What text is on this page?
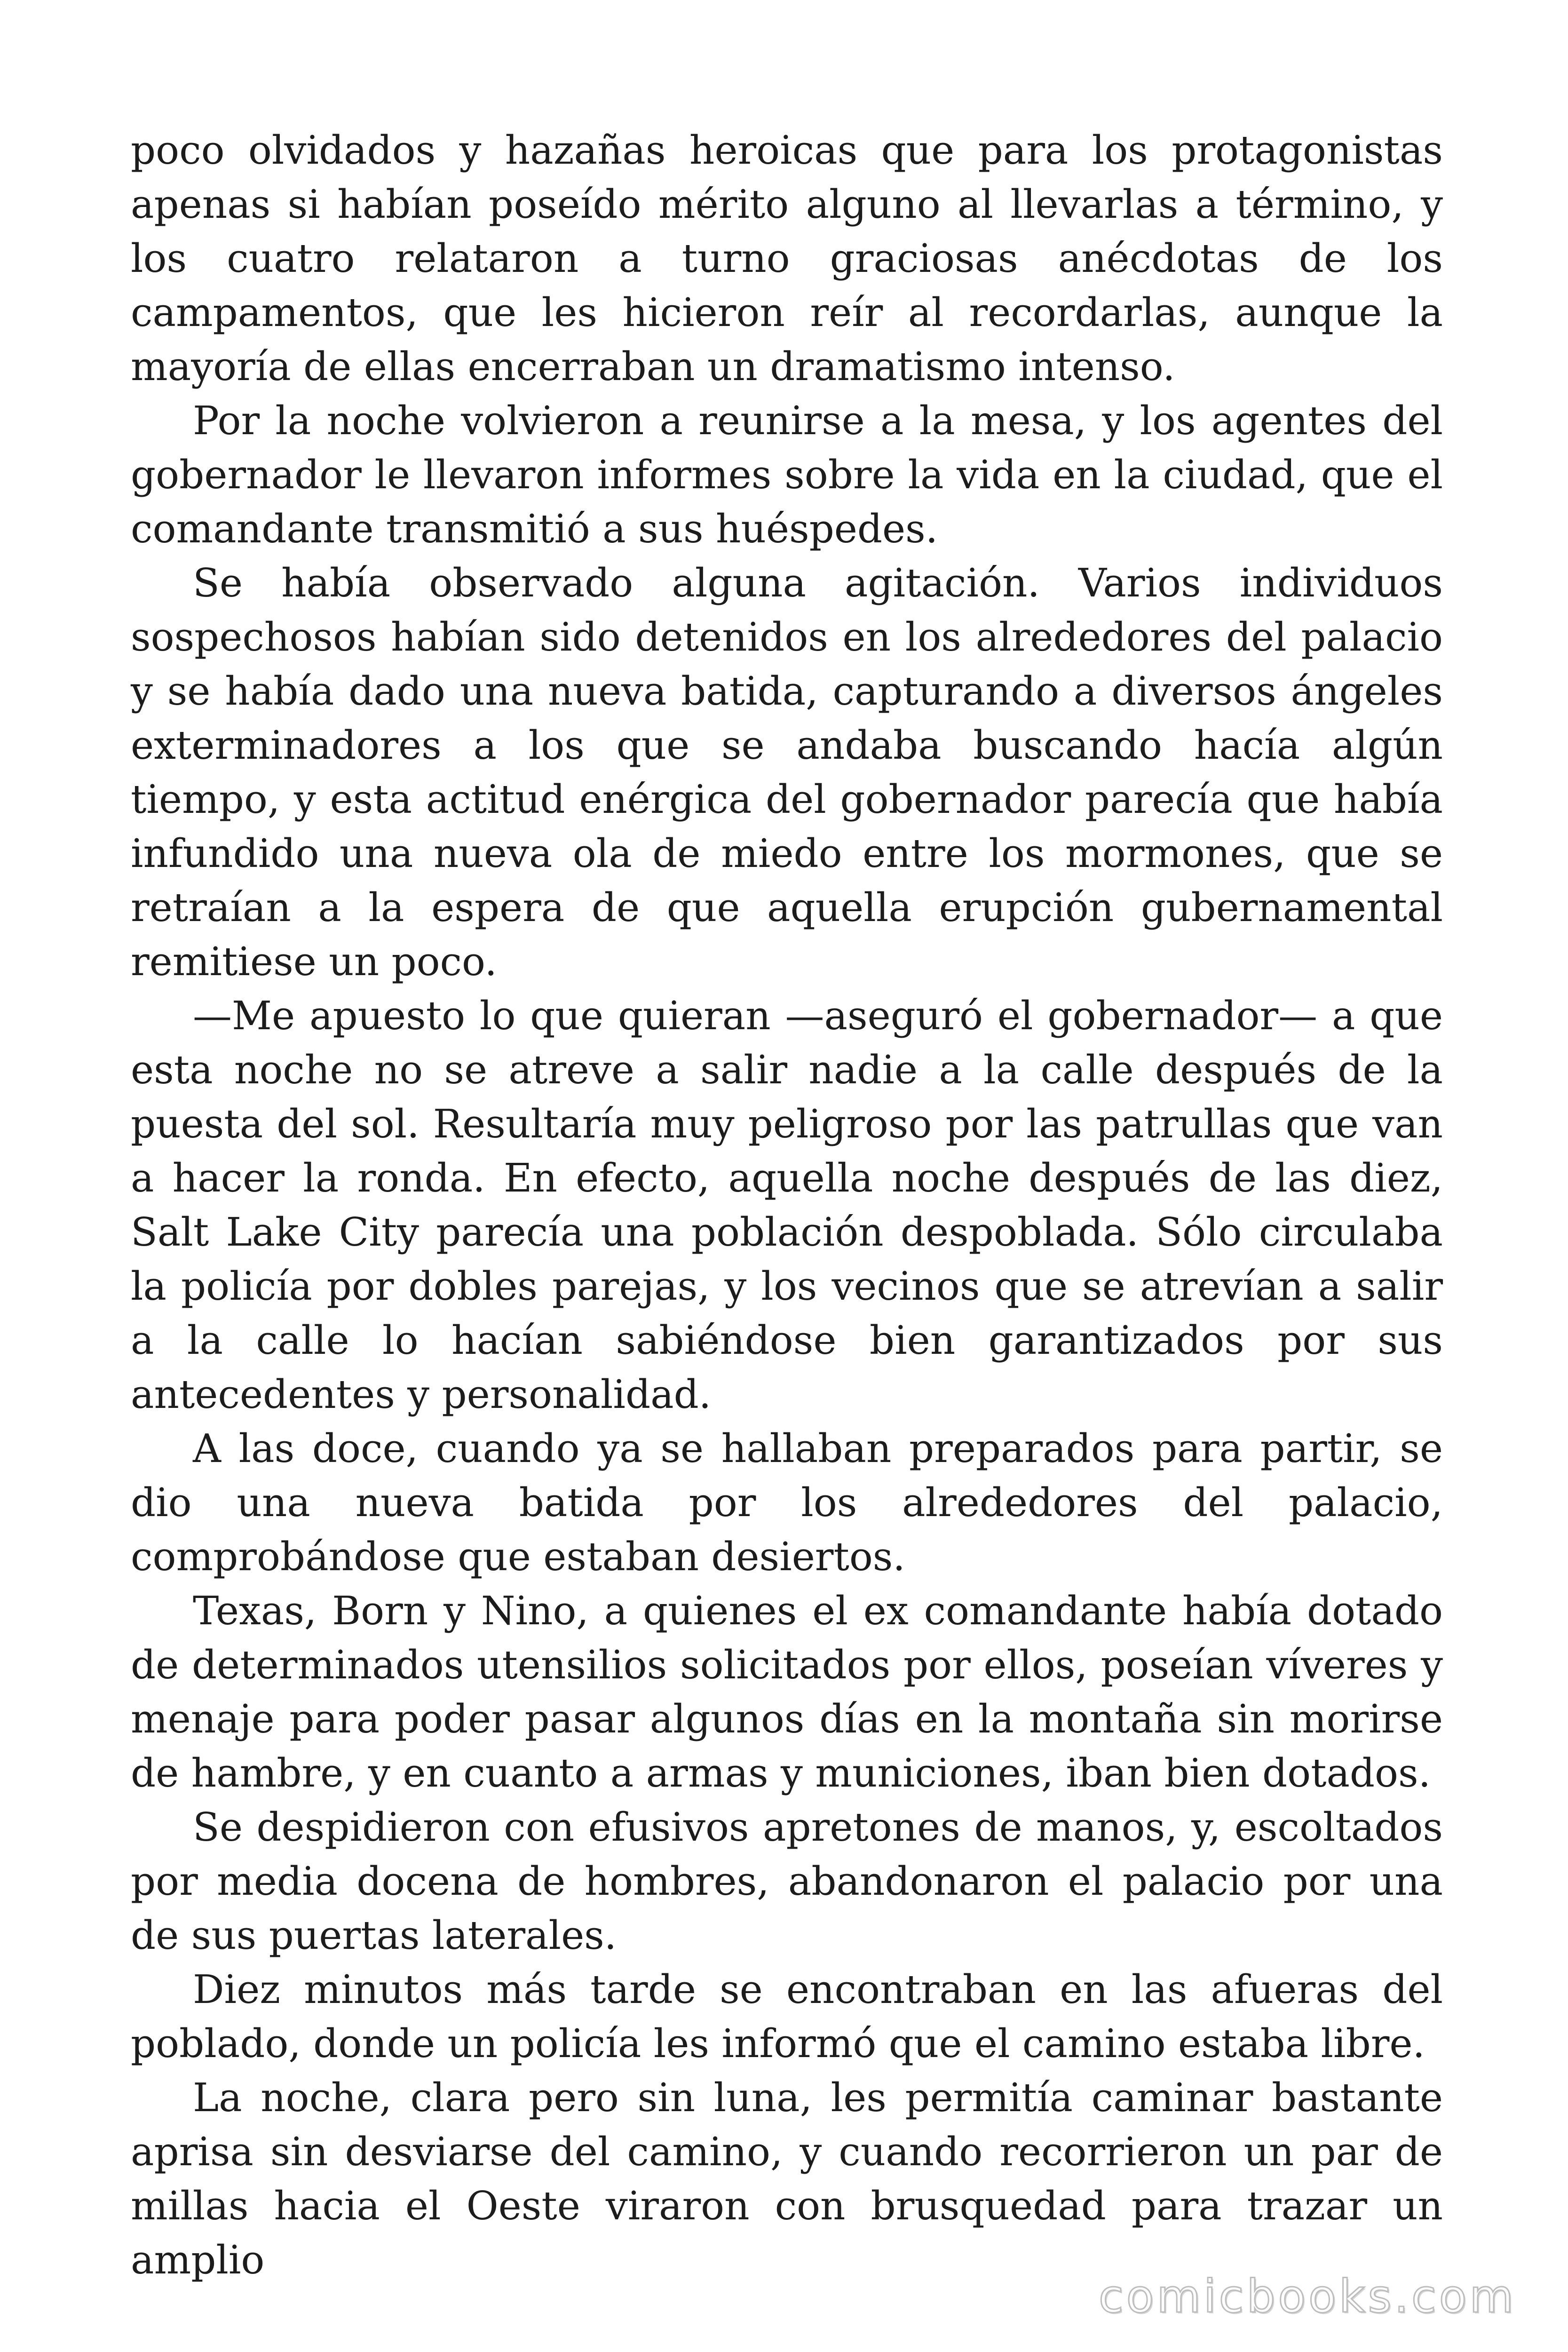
poco olvidados y hazañas heroicas que para los protagonistas apenas si habían poseído mérito alguno al llevarlas a término, y los cuatro relataron a turno graciosas anécdotas de los campamentos, que les hicieron reír al recordarlas, aunque la mayoría de ellas encerraban un dramatismo intenso.

Por la noche volvieron a reunirse a la mesa, y los agentes del gobernador le llevaron informes sobre la vida en la ciudad, que el comandante transmitió a sus huéspedes.

Se había observado alguna agitación. Varios individuos sospechosos habían sido detenidos en los alrededores del palacio y se había dado una nueva batida, capturando a diversos ángeles exterminadores a los que se andaba buscando hacía algún tiempo, y esta actitud enérgica del gobernador parecía que había infundido una nueva ola de miedo entre los mormones, que se retraían a la espera de que aquella erupción gubernamental remitiese un poco.

—Me apuesto lo que quieran —aseguró el gobernador— a que esta noche no se atreve a salir nadie a la calle después de la puesta del sol. Resultaría muy peligroso por las patrullas que van a hacer la ronda. En efecto, aquella noche después de las diez, Salt Lake City parecía una población despoblada. Sólo circulaba la policía por dobles parejas, y los vecinos que se atrevían a salir a la calle lo hacían sabiéndose bien garantizados por sus antecedentes y personalidad.

A las doce, cuando ya se hallaban preparados para partir, se dio una nueva batida por los alrededores del palacio, comprobándose que estaban desiertos.

Texas, Born y Nino, a quienes el ex comandante había dotado de determinados utensilios solicitados por ellos, poseían víveres y menaje para poder pasar algunos días en la montaña sin morirse de hambre, y en cuanto a armas y municiones, iban bien dotados.

Se despidieron con efusivos apretones de manos, y, escoltados por media docena de hombres, abandonaron el palacio por una de sus puertas laterales.

Diez minutos más tarde se encontraban en las afueras del poblado, donde un policía les informó que el camino estaba libre.

La noche, clara pero sin luna, les permitía caminar bastante aprisa sin desviarse del camino, y cuando recorrieron un par de millas hacia el Oeste viraron con brusquedad para trazar un amplio

comicbooks.com
